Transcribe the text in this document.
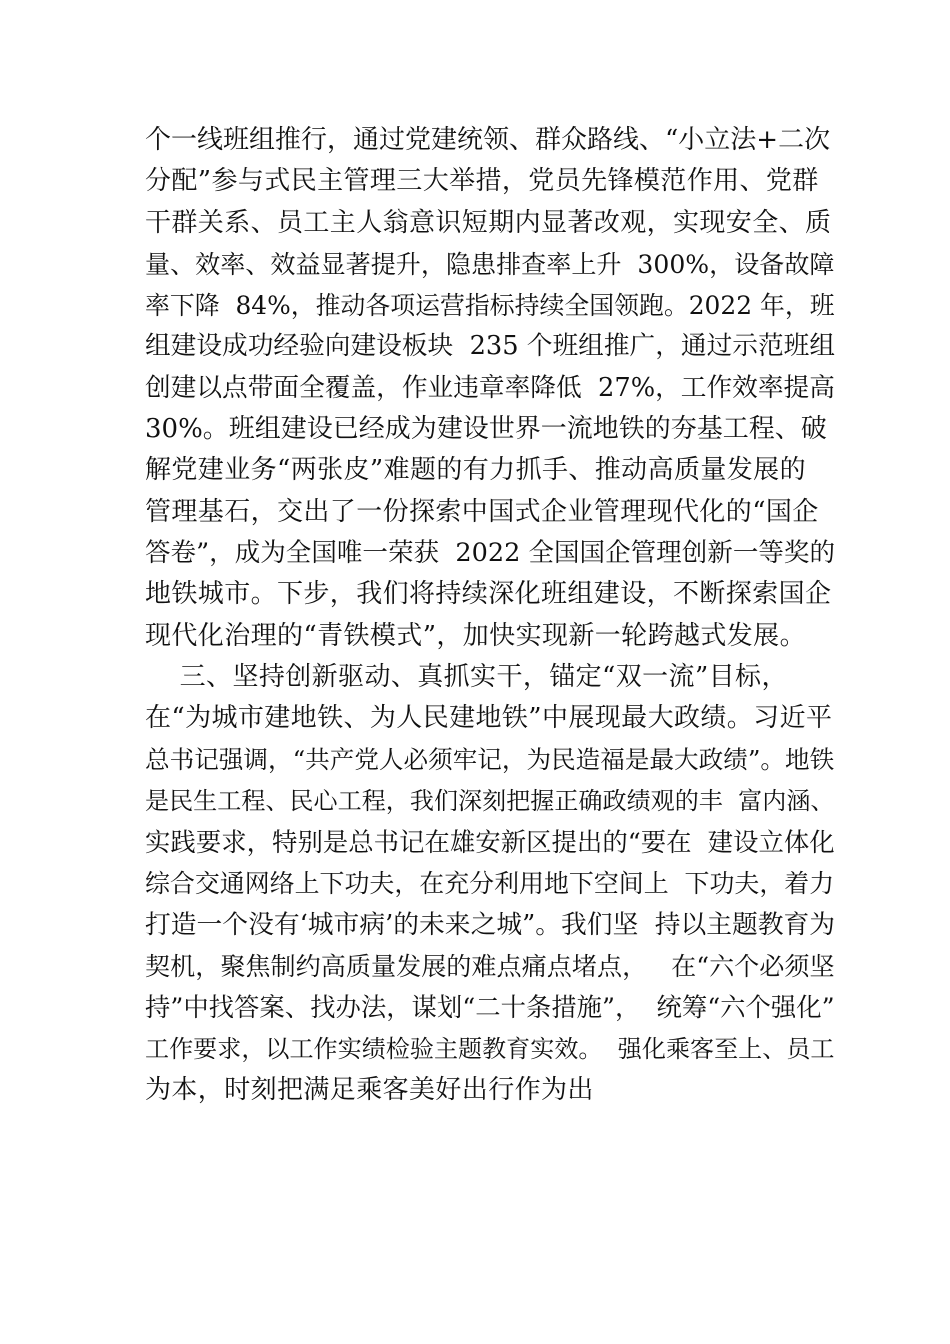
个一线班组推行，通过党建统领、群众路线、“小立法+二次
分配”参与式民主管理三大举措，党员先锋模范作用、党群
干群关系、员工主人翁意识短期内显著改观，实现安全、质
量、效率、效益显著提升，隐患排查率上升  300%，设备故障
率下降  84%，推动各项运营指标持续全国领跑。2022 年，班
组建设成功经验向建设板块  235 个班组推广，通过示范班组
创建以点带面全覆盖，作业违章率降低  27%，工作效率提高
30%。班组建设已经成为建设世界一流地铁的夯基工程、破
解党建业务“两张皮”难题的有力抓手、推动高质量发展的
管理基石，交出了一份探索中国式企业管理现代化的“国企
答卷”，成为全国唯一荣获  2022 全国国企管理创新一等奖的
地铁城市。下步，我们将持续深化班组建设，不断探索国企
现代化治理的“青铁模式”，加快实现新一轮跨越式发展。
三、坚持创新驱动、真抓实干，锚定“双一流”目标，
在“为城市建地铁、为人民建地铁”中展现最大政绩。习近平
总书记强调，“共产党人必须牢记，为民造福是最大政绩”。地铁
是民生工程、民心工程，我们深刻把握正确政绩观的丰  富内涵、
实践要求，特别是总书记在雄安新区提出的“要在  建设立体化
综合交通网络上下功夫，在充分利用地下空间上  下功夫，着力
打造一个没有‘城市病’的未来之城”。我们坚  持以主题教育为
契机，聚焦制约高质量发展的难点痛点堵点，   在“六个必须坚
持”中找答案、找办法，谋划“二十条措施”，  统筹“六个强化”
工作要求，以工作实绩检验主题教育实效。  强化乘客至上、员工
为本，时刻把满足乘客美好出行作为出
